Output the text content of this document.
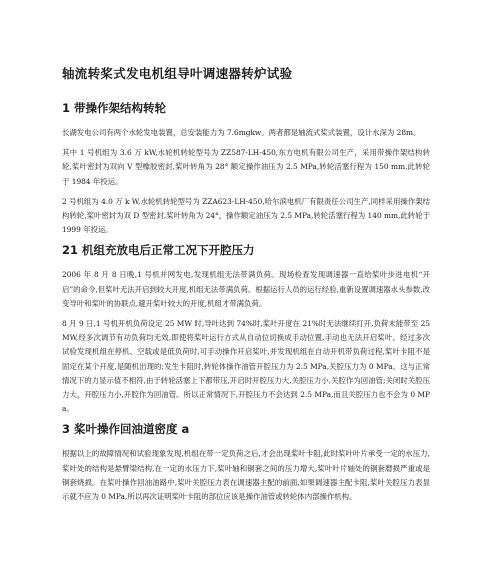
轴流转桨式发电机组导叶调速器转炉试验
1 带操作架结构转轮

长湖发电公司有两个水轮发电装置，总安装能力为 7.6mgkw。两者都是轴流式桨式装置，设计水深为 28m。

其中 1 号机组为 3.6 万 kW,水轮机转轮型号为 ZZ587-LH-450,东方电机有限公司生产，采用带操作架结构转轮,桨叶密封为双向 V 型橡胶密封,桨叶转角为 28° 额定操作油压为 2.5 MPa,转轮活塞行程为 150 mm,此转轮于 1984 年投运。

2 号机组为 4.0 万 k W,水轮机转轮型号为 ZZA623-LH-450,哈尔滨电机厂有限责任公司生产,同样采用操作架结构转轮,桨叶密封为双 D 型密封,桨叶转角为 24°，操作额定油压为 2.5 MPa,转轮活塞行程为 140 mm,此转轮于 1999 年投运。

21 机组充放电后正常工况下开腔压力

2006 年 8 月 8 日晚,1 号机并网发电,发现机组无法带满负荷。现场检查发现调速器一直给桨叶步进电机“开启”的命令,但桨叶无法开启到较大开度,机组无法带满负荷。根据运行人员的运行经验,重新设置调速器水头参数,改变导叶和桨叶的协联点,避开桨叶较大的开度,机组才带满负荷。

8 月 9 日,1 号机开机负荷设定 25 MW 时,导叶达到 74%时,桨叶开度在 21%时无法继续打开,负荷未能带至 25 MW,经多次调节有功负荷均无效,即使将桨叶运行方式从自动位切换成手动位置,手动也无法开启桨叶。经过多次试验发现机组在停机、空载或是低负荷时,可手动操作开启桨叶,并发现机组在自动开机带负荷过程,桨叶卡阻不是固定在某个开度,是随机出现的;发生卡阻时,转轮体操作油管开腔压力为 2.5 MPa,关腔压力为 0 MPa。这与正常情况下的力显示值不相符,由于转轮活塞上下都带压,开启时开腔压力大,关腔压力小,关腔作为回油管;关闭时关腔压力大，开腔压力小,开腔作为回油管。所以正常情况下,开腔压力不会达到 2.5 MPa,而且关腔压力也不会为 0 MPa。

3 桨叶操作回油道密度 a

根据以上的故障情况和试验现象发现,机组在带一定负荷之后,才会出现桨叶卡阻,此时桨叶叶片承受一定的水压力,桨叶处的结构是悬臂梁结构,在一定的水压力下,桨叶轴和铜套之间的压力增大,桨叶叶片轴处的铜套磨损严重或是铜套烧损。在桨叶操作回油油路中,桨叶关腔压力表在调速器主配的前面,如果调速器主配卡阻,桨叶关腔压力表显示就不应为 0 MPa,所以再次证明桨叶卡阻的部位应该是操作油管或转轮体内部操作机构。
